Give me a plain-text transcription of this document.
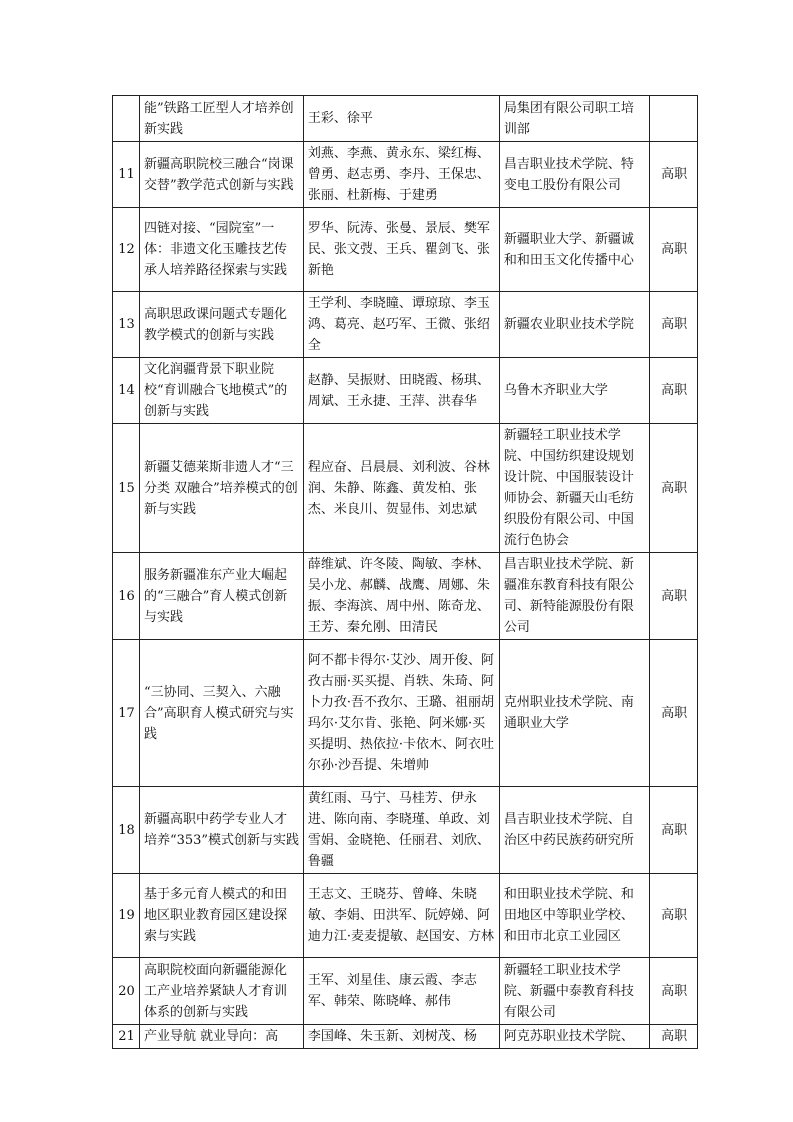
	能”铁路工匠型人才培养创新实践	王彩、徐平	局集团有限公司职工培训部	
11	新疆高职院校三融合“岗课交替”教学范式创新与实践	刘燕、李燕、黄永东、梁红梅、曾勇、赵志勇、李丹、王保忠、张丽、杜新梅、于建勇	昌吉职业技术学院、特变电工股份有限公司	高职
12	四链对接、“园院室”一体：非遗文化玉雕技艺传承人培养路径探索与实践	罗华、阮涛、张曼、景辰、樊军民、张文弢、王兵、瞿剑飞、张新艳	新疆职业大学、新疆诚和和田玉文化传播中心	高职
13	高职思政课问题式专题化教学模式的创新与实践	王学利、李晓瞳、谭琼琼、李玉鸿、葛亮、赵巧军、王微、张绍全	新疆农业职业技术学院	高职
14	文化润疆背景下职业院校“育训融合飞地模式”的创新与实践	赵静、吴振财、田晓霞、杨琪、周斌、王永捷、王萍、洪春华	乌鲁木齐职业大学	高职
15	新疆艾德莱斯非遗人才“三分类 双融合”培养模式的创新与实践	程应奋、吕晨晨、刘利波、谷林润、朱静、陈鑫、黄发柏、张杰、米良川、贺显伟、刘忠斌	新疆轻工职业技术学院、中国纺织建设规划设计院、中国服装设计师协会、新疆天山毛纺织股份有限公司、中国流行色协会	高职
16	服务新疆准东产业大崛起的“三融合”育人模式创新与实践	薛维斌、许冬陵、陶敏、李林、吴小龙、郝麟、战鹰、周娜、朱振、李海滨、周中州、陈奇龙、王芳、秦允刚、田清民	昌吉职业技术学院、新疆准东教育科技有限公司、新特能源股份有限公司	高职
17	“三协同、三契入、六融合”高职育人模式研究与实践	阿不都卡得尔·艾沙、周开俊、阿孜古丽·买买提、肖轶、朱琦、阿卜力孜·吾不孜尔、王璐、祖丽胡玛尔·艾尔肯、张艳、阿米娜·买买提明、热依拉·卡依木、阿衣吐尔孙·沙吾提、朱增帅	克州职业技术学院、南通职业大学	高职
18	新疆高职中药学专业人才培养“353”模式创新与实践	黄红雨、马宁、马桂芳、伊永进、陈向南、李晓瑾、单政、刘雪娟、金晓艳、任丽君、刘欣、鲁疆	昌吉职业技术学院、自治区中药民族药研究所	高职
19	基于多元育人模式的和田地区职业教育园区建设探索与实践	王志文、王晓芬、曾峰、朱晓敏、李娟、田洪军、阮婷娣、阿迪力江·麦麦提敏、赵国安、方林	和田职业技术学院、和田地区中等职业学校、和田市北京工业园区	高职
20	高职院校面向新疆能源化工产业培养紧缺人才育训体系的创新与实践	王军、刘星佳、康云霞、李志军、韩荣、陈晓峰、郝伟	新疆轻工职业技术学院、新疆中泰教育科技有限公司	高职
21	产业导航 就业导向：高	李国峰、朱玉新、刘树茂、杨	阿克苏职业技术学院、	高职
